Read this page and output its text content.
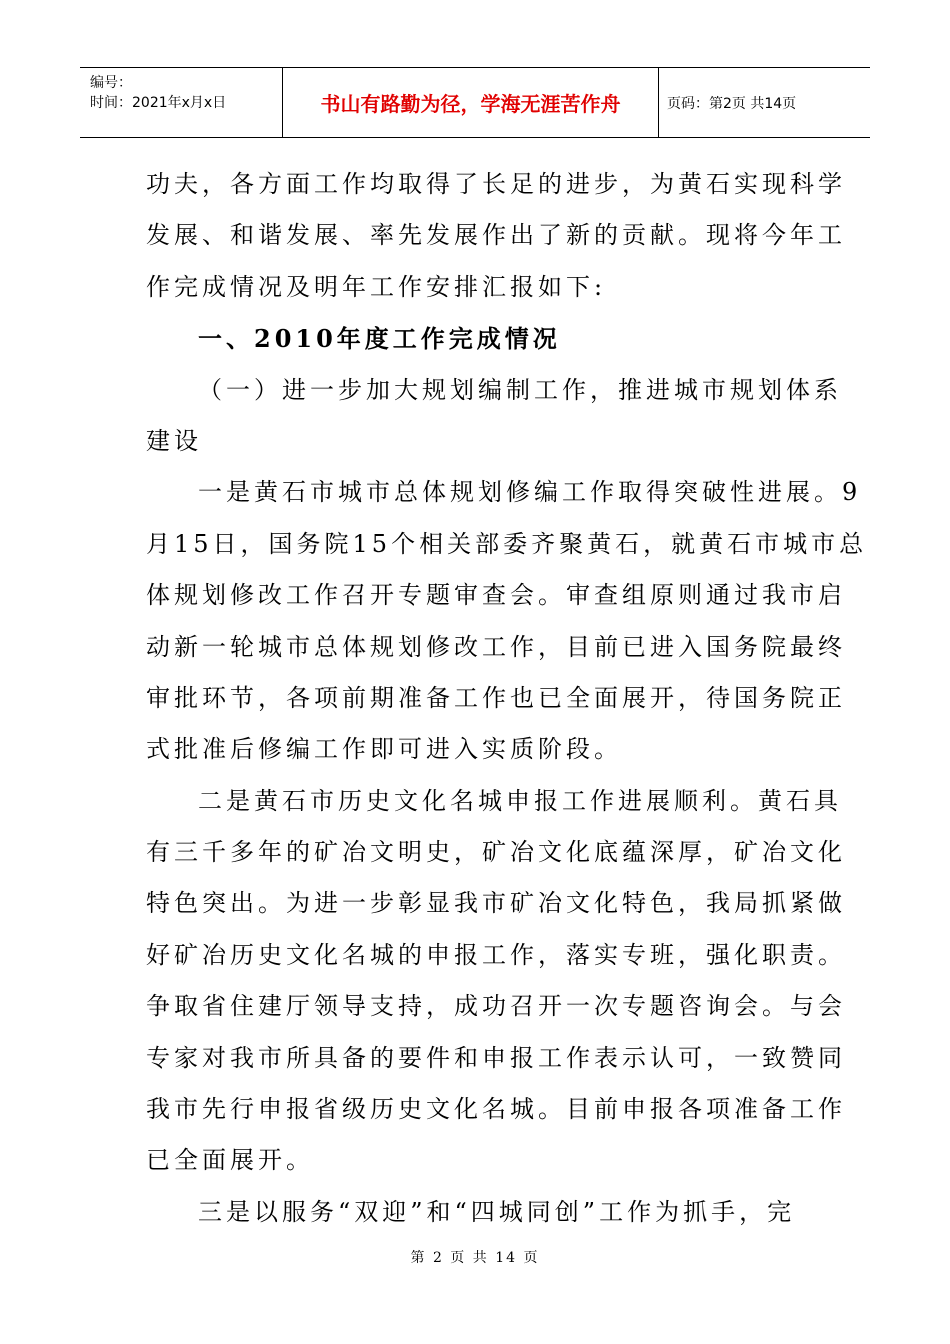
编号：
时间：2021年x月x日	书山有路勤为径，学海无涯苦作舟	页码：第2页 共14页
功夫，各方面工作均取得了长足的进步，为黄石实现科学
发展、和谐发展、率先发展作出了新的贡献。现将今年工
作完成情况及明年工作安排汇报如下:
一、2010年度工作完成情况
（一）进一步加大规划编制工作，推进城市规划体系
建设
一是黄石市城市总体规划修编工作取得突破性进展。9
月15日，国务院15个相关部委齐聚黄石，就黄石市城市总
体规划修改工作召开专题审查会。审查组原则通过我市启
动新一轮城市总体规划修改工作，目前已进入国务院最终
审批环节，各项前期准备工作也已全面展开，待国务院正
式批准后修编工作即可进入实质阶段。
二是黄石市历史文化名城申报工作进展顺利。黄石具
有三千多年的矿冶文明史，矿冶文化底蕴深厚，矿冶文化
特色突出。为进一步彰显我市矿冶文化特色，我局抓紧做
好矿冶历史文化名城的申报工作，落实专班，强化职责。
争取省住建厅领导支持，成功召开一次专题咨询会。与会
专家对我市所具备的要件和申报工作表示认可，一致赞同
我市先行申报省级历史文化名城。目前申报各项准备工作
已全面展开。
三是以服务“双迎”和“四城同创”工作为抓手，完
第 2 页 共 14 页
